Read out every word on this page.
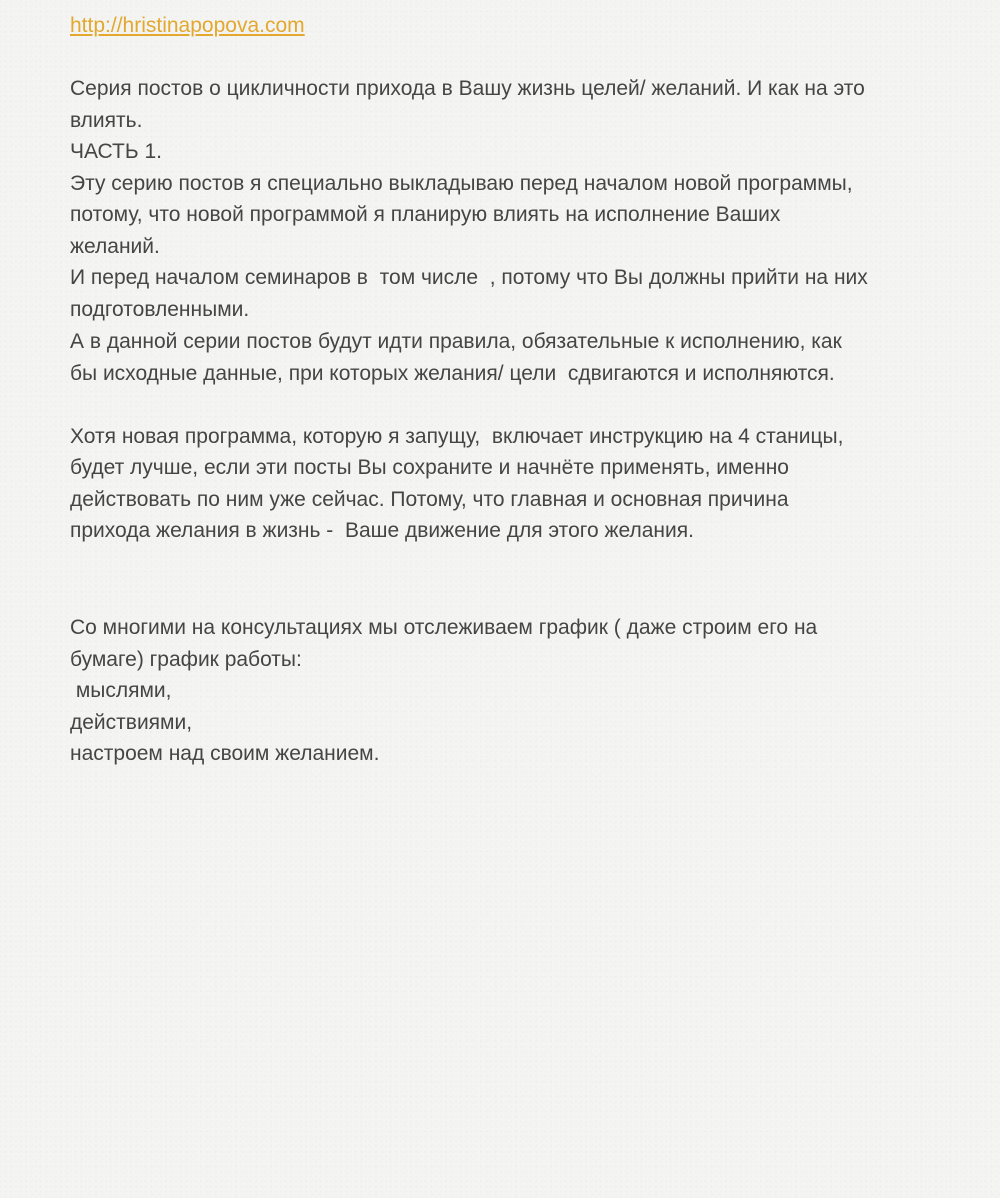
http://hristinapopova.com
Серия постов о цикличности прихода в Вашу жизнь целей/ желаний. И как на это
влиять.
ЧАСТЬ 1.
Эту серию постов я специально выкладываю перед началом новой программы,
потому, что новой программой я планирую влиять на исполнение Ваших
желаний.
И перед началом семинаров в  том числе  , потому что Вы должны прийти на них
подготовленными.
А в данной серии постов будут идти правила, обязательные к исполнению, как
бы исходные данные, при которых желания/ цели  сдвигаются и исполняются.
Хотя новая программа, которую я запущу,  включает инструкцию на 4 станицы,
будет лучше, если эти посты Вы сохраните и начнёте применять, именно
действовать по ним уже сейчас. Потому, что главная и основная причина
прихода желания в жизнь -  Ваше движение для этого желания.
Со многими на консультациях мы отслеживаем график ( даже строим его на
бумаге) график работы:
мыслями,
действиями,
настроем над своим желанием.
